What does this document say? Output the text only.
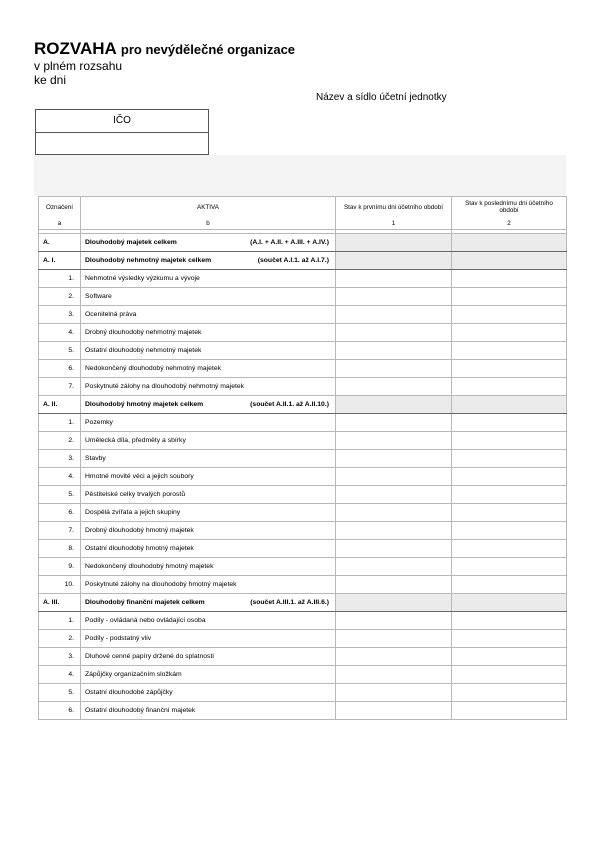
ROZVAHA pro nevýdělečné organizace
v plném rozsahu
ke dni
Název a sídlo účetní jednotky
IČO
Označení	AKTIVA	Stav k prvnímu dni účetního období	Stav k poslednímu dni účetního období
a	b	1	2

A.	Dlouhodobý majetek celkem (A.I. + A.II. + A.III. + A.IV.)		

A. I.	Dlouhodobý nehmotný majetek celkem (součet A.I.1. až A.I.7.)		

1.	Nehmotné výsledky výzkumu a vývoje		
2.	Software		
3.	Ocenitelná práva		
4.	Drobný dlouhodobý nehmotný majetek		
5.	Ostatní dlouhodobý nehmotný majetek		
6.	Nedokončený dlouhodobý nehmotný majetek		
7.	Poskytnuté zálohy na dlouhodobý nehmotný majetek		
A. II.	Dlouhodobý hmotný majetek celkem (součet A.II.1. až A.II.10.)		

1.	Pozemky		
2.	Umělecká díla, předměty a sbírky		
3.	Stavby		
4.	Hmotné movité věci a jejich soubory		
5.	Pěstitelské celky trvalých porostů		
6.	Dospělá zvířata a jejich skupiny		
7.	Drobný dlouhodobý hmotný majetek		
8.	Ostatní dlouhodobý hmotný majetek		
9.	Nedokončený dlouhodobý hmotný majetek		
10.	Poskytnuté zálohy na dlouhodobý hmotný majetek		
A. III.	Dlouhodobý finanční majetek celkem (součet A.III.1. až A.III.6.)		

1.	Podíly - ovládaná nebo ovládající osoba		
2.	Podíly - podstatný vliv		
3.	Dluhové cenné papíry držené do splatnosti		
4.	Zápůjčky organizačním složkám		
5.	Ostatní dlouhodobé zápůjčky		
6.	Ostatní dlouhodobý finanční majetek		
